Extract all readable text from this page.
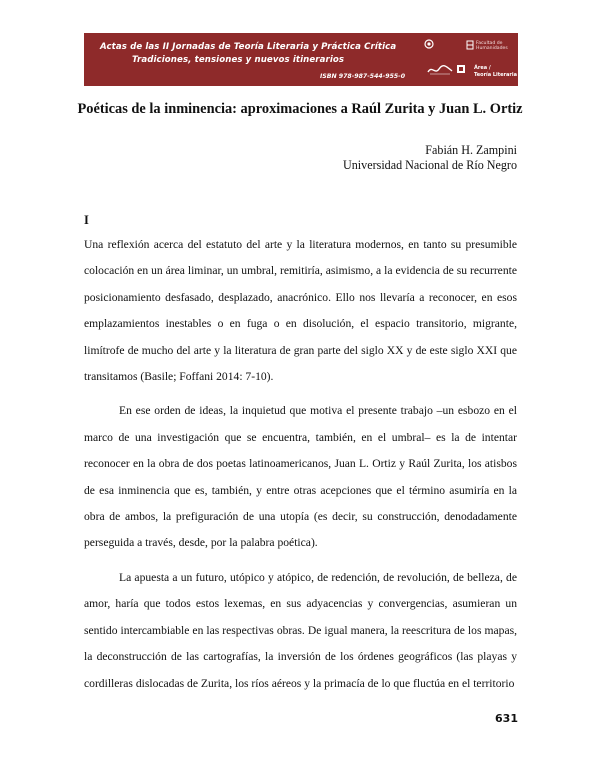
Actas de las II Jornadas de Teoría Literaria y Práctica Crítica
Tradiciones, tensiones y nuevos itinerarios
ISBN 978-987-544-955-0
Facultad de Humanidades
Área /
Teoría Literaria
Poéticas de la inminencia: aproximaciones a Raúl Zurita y Juan L. Ortiz
Fabián H. Zampini
Universidad Nacional de Río Negro
I

Una reflexión acerca del estatuto del arte y la literatura modernos, en tanto su presumible colocación en un área liminar, un umbral, remitiría, asimismo, a la evidencia de su recurrente posicionamiento desfasado, desplazado, anacrónico. Ello nos llevaría a reconocer, en esos emplazamientos inestables o en fuga o en disolución, el espacio transitorio, migrante, limítrofe de mucho del arte y la literatura de gran parte del siglo XX y de este siglo XXI que transitamos (Basile; Foffani 2014: 7-10).

En ese orden de ideas, la inquietud que motiva el presente trabajo –un esbozo en el marco de una investigación que se encuentra, también, en el umbral– es la de intentar reconocer en la obra de dos poetas latinoamericanos, Juan L. Ortiz y Raúl Zurita, los atisbos de esa inminencia que es, también, y entre otras acepciones que el término asumiría en la obra de ambos, la prefiguración de una utopía (es decir, su construcción, denodadamente perseguida a través, desde, por la palabra poética).

La apuesta a un futuro, utópico y atópico, de redención, de revolución, de belleza, de amor, haría que todos estos lexemas, en sus adyacencias y convergencias, asumieran un sentido intercambiable en las respectivas obras. De igual manera, la reescritura de los mapas, la deconstrucción de las cartografías, la inversión de los órdenes geográficos (las playas y cordilleras dislocadas de Zurita, los ríos aéreos y la primacía de lo que fluctúa en el territorio

631
